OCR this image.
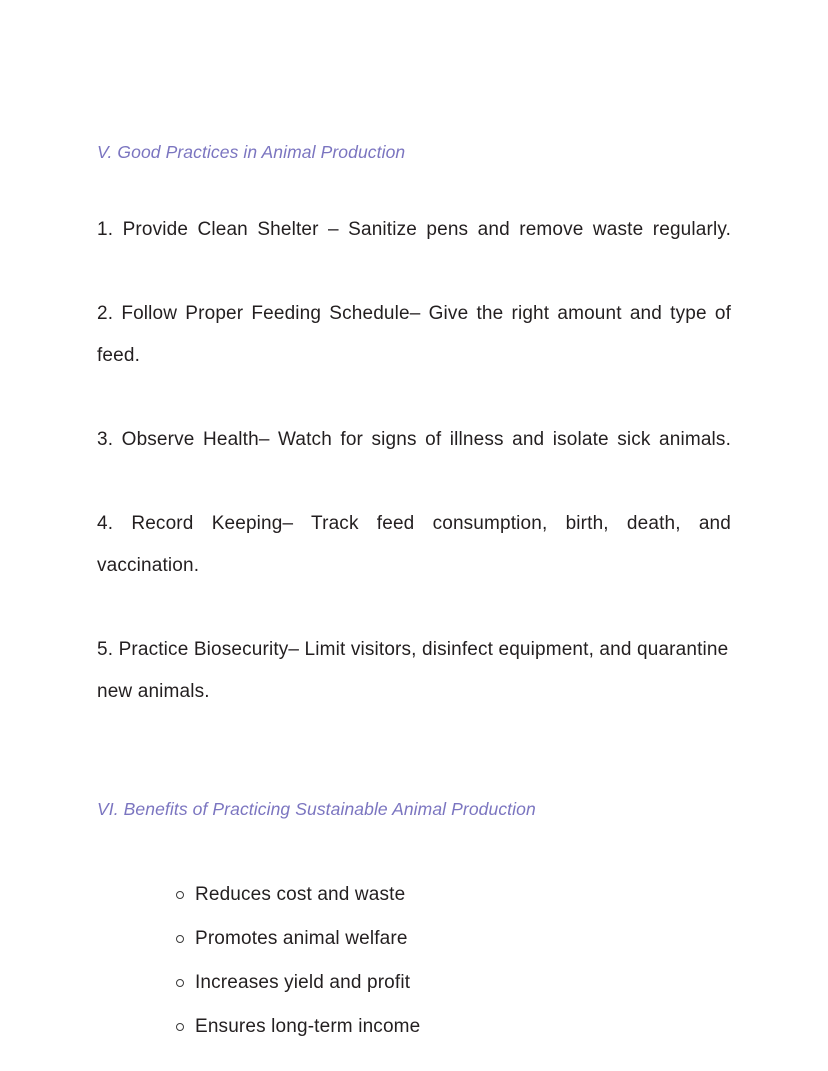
V. Good Practices in Animal Production

1. Provide Clean Shelter – Sanitize pens and remove waste regularly.

2. Follow Proper Feeding Schedule– Give the right amount and type of feed.

3. Observe Health– Watch for signs of illness and isolate sick animals.

4. Record Keeping– Track feed consumption, birth, death, and vaccination.

5. Practice Biosecurity– Limit visitors, disinfect equipment, and quarantine new animals.

VI. Benefits of Practicing Sustainable Animal Production
Reduces cost and waste
Promotes animal welfare
Increases yield and profit
Ensures long-term income
